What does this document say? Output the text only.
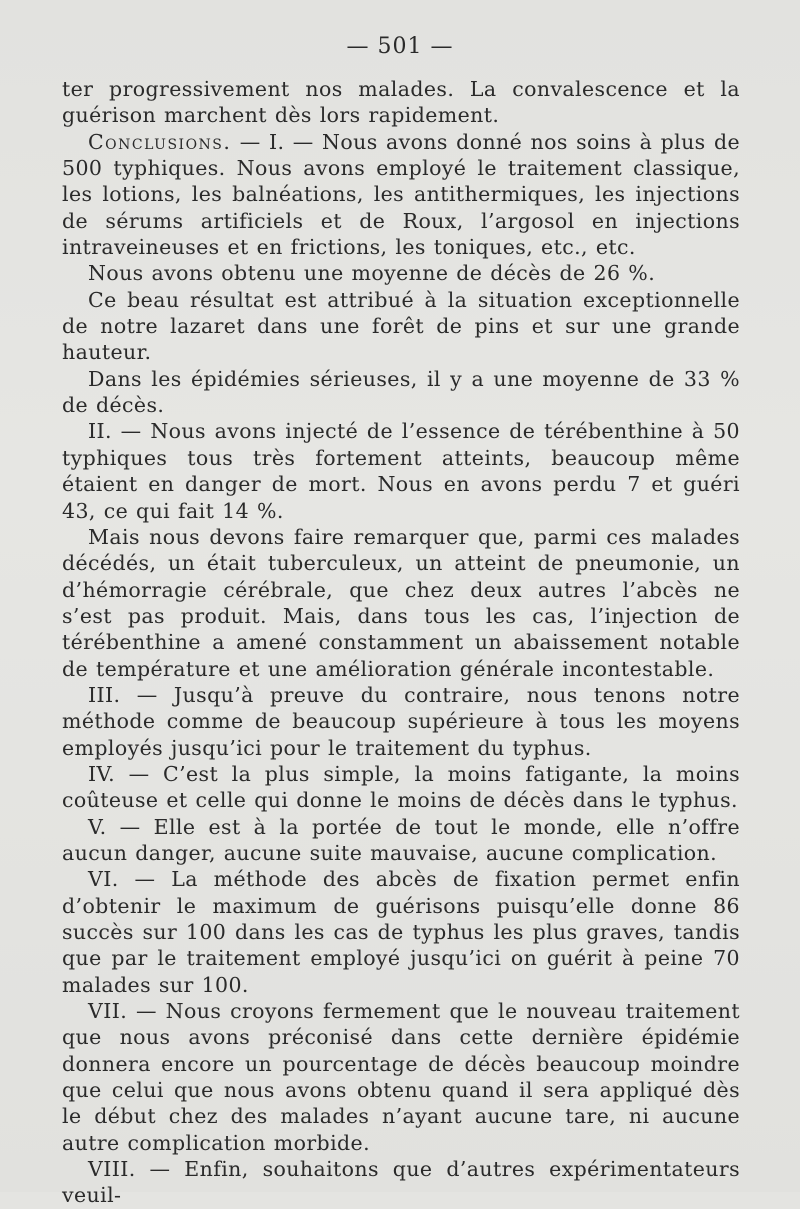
— 501 —

ter progressivement nos malades. La convalescence et la guérison marchent dès lors rapidement.

Conclusions. — I. — Nous avons donné nos soins à plus de 500 typhiques. Nous avons employé le traitement classique, les lotions, les balnéations, les antithermiques, les injections de sérums artificiels et de Roux, l’argosol en injections intraveineuses et en frictions, les toniques, etc., etc.

Nous avons obtenu une moyenne de décès de 26 %.

Ce beau résultat est attribué à la situation exceptionnelle de notre lazaret dans une forêt de pins et sur une grande hauteur.

Dans les épidémies sérieuses, il y a une moyenne de 33 % de décès.

II. — Nous avons injecté de l’essence de térébenthine à 50 typhiques tous très fortement atteints, beaucoup même étaient en danger de mort. Nous en avons perdu 7 et guéri 43, ce qui fait 14 %.

Mais nous devons faire remarquer que, parmi ces malades décédés, un était tuberculeux, un atteint de pneumonie, un d’hémorragie cérébrale, que chez deux autres l’abcès ne s’est pas produit. Mais, dans tous les cas, l’injection de térébenthine a amené constamment un abaissement notable de température et une amélioration générale incontestable.

III. — Jusqu’à preuve du contraire, nous tenons notre méthode comme de beaucoup supérieure à tous les moyens employés jusqu’ici pour le traitement du typhus.

IV. — C’est la plus simple, la moins fatigante, la moins coûteuse et celle qui donne le moins de décès dans le typhus.

V. — Elle est à la portée de tout le monde, elle n’offre aucun danger, aucune suite mauvaise, aucune complication.

VI. — La méthode des abcès de fixation permet enfin d’obtenir le maximum de guérisons puisqu’elle donne 86 succès sur 100 dans les cas de typhus les plus graves, tandis que par le traitement employé jusqu’ici on guérit à peine 70 malades sur 100.

VII. — Nous croyons fermement que le nouveau traitement que nous avons préconisé dans cette dernière épidémie donnera encore un pourcentage de décès beaucoup moindre que celui que nous avons obtenu quand il sera appliqué dès le début chez des malades n’ayant aucune tare, ni aucune autre complication morbide.

VIII. — Enfin, souhaitons que d’autres expérimentateurs veuil-
